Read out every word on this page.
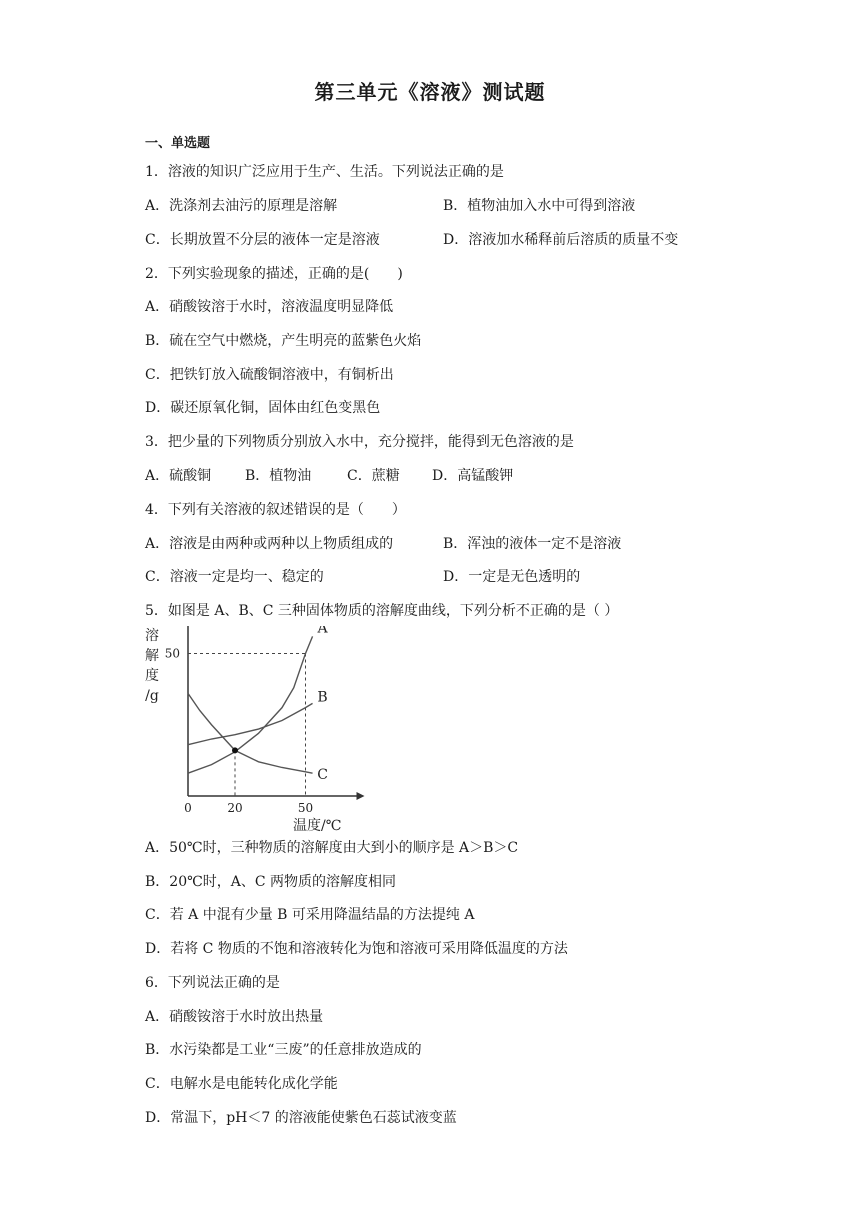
第三单元《溶液》测试题
一、单选题
1．溶液的知识广泛应用于生产、生活。下列说法正确的是
A．洗涤剂去油污的原理是溶解	B．植物油加入水中可得到溶液
C．长期放置不分层的液体一定是溶液	D．溶液加水稀释前后溶质的质量不变
2．下列实验现象的描述，正确的是(　　)
A．硝酸铵溶于水时，溶液温度明显降低
B．硫在空气中燃烧，产生明亮的蓝紫色火焰
C．把铁钉放入硫酸铜溶液中，有铜析出
D．碳还原氧化铜，固体由红色变黑色
3．把少量的下列物质分别放入水中，充分搅拌，能得到无色溶液的是
A．硫酸铜 B．植物油	C．蔗糖 D．高锰酸钾
4．下列有关溶液的叙述错误的是（　　）
A．溶液是由两种或两种以上物质组成的	B．浑浊的液体一定不是溶液
C．溶液一定是均一、稳定的	D．一定是无色透明的
5．如图是 A、B、C 三种固体物质的溶解度曲线，下列分析不正确的是（ ）
溶
解
度
/g
温度/℃
0	20	50
50
A
B
C
A．50℃时，三种物质的溶解度由大到小的顺序是 A＞B＞C
B．20℃时，A、C 两物质的溶解度相同
C．若 A 中混有少量 B 可采用降温结晶的方法提纯 A
D．若将 C 物质的不饱和溶液转化为饱和溶液可采用降低温度的方法
6．下列说法正确的是
A．硝酸铵溶于水时放出热量
B．水污染都是工业“三废”的任意排放造成的
C．电解水是电能转化成化学能
D．常温下，pH＜7 的溶液能使紫色石蕊试液变蓝
